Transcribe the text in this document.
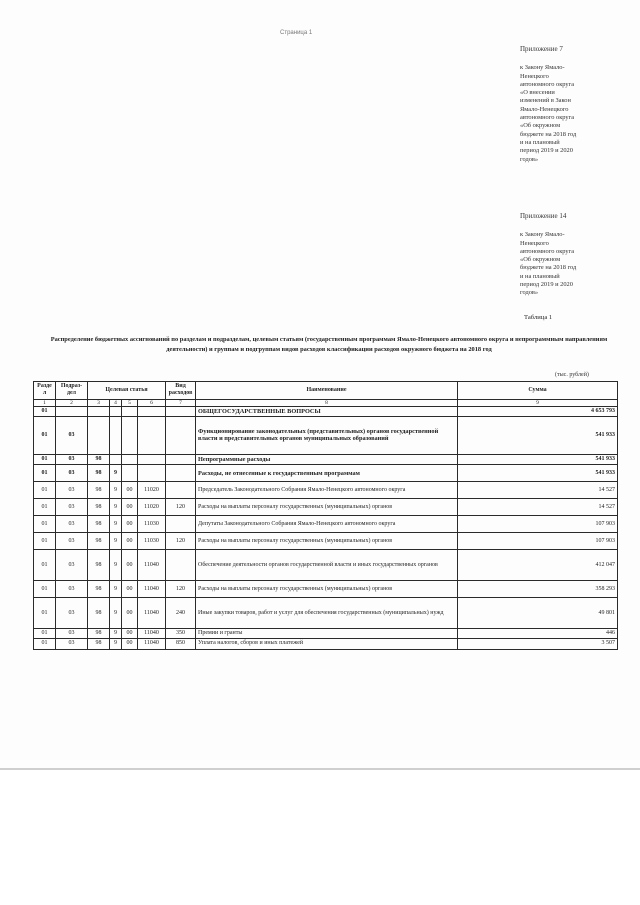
Страница 1
Приложение 7
к Закону Ямало-
Ненецкого
автономного округа
«О внесении
изменений в Закон
Ямало-Ненецкого
автономного округа
«Об окружном
бюджете на 2018 год
и на плановый
период 2019 и 2020
годов»
Приложение 14
к Закону Ямало-
Ненецкого
автономного округа
«Об окружном
бюджете на 2018 год
и на плановый
период 2019 и 2020
годов»
Таблица 1
Распределение бюджетных ассигнований по разделам и подразделам, целевым статьям (государственным программам Ямало-Ненецкого автономного округа и непрограммным направлениям деятельности) и группам и подгруппам видов расходов классификации расходов окружного бюджета на 2018 год
(тыс. рублей)
Разде л	Подраз- дел	Целевая статья				Вид расходов	Наименование	Сумма
1	2	3	4	5	6	7	8	9
01							ОБЩЕГОСУДАРСТВЕННЫЕ ВОПРОСЫ	4 653 793
01	03						Функционирование законодательных (представительных) органов государственной власти и представительных органов муниципальных образований	541 933
01	03	98					Непрограммные расходы	541 933
01	03	98	9				Расходы, не отнесенные к государственным программам	541 933
01	03	98	9	00	11020		Председатель Законодательного Собрания Ямало-Ненецкого автономного округа	14 527
01	03	98	9	00	11020	120	Расходы на выплаты персоналу государственных (муниципальных) органов	14 527
01	03	98	9	00	11030		Депутаты Законодательного Собрания Ямало-Ненецкого автономного округа	107 903
01	03	98	9	00	11030	120	Расходы на выплаты персоналу государственных (муниципальных) органов	107 903
01	03	98	9	00	11040		Обеспечение деятельности органов государственной власти и иных государственных органов	412 047
01	03	98	9	00	11040	120	Расходы на выплаты персоналу государственных (муниципальных) органов	358 293
01	03	98	9	00	11040	240	Иные закупки товаров, работ и услуг для обеспечения государственных (муниципальных) нужд	49 801
01	03	98	9	00	11040	350	Премии и гранты	446
01	03	98	9	00	11040	850	Уплата налогов, сборов и иных платежей	3 507
